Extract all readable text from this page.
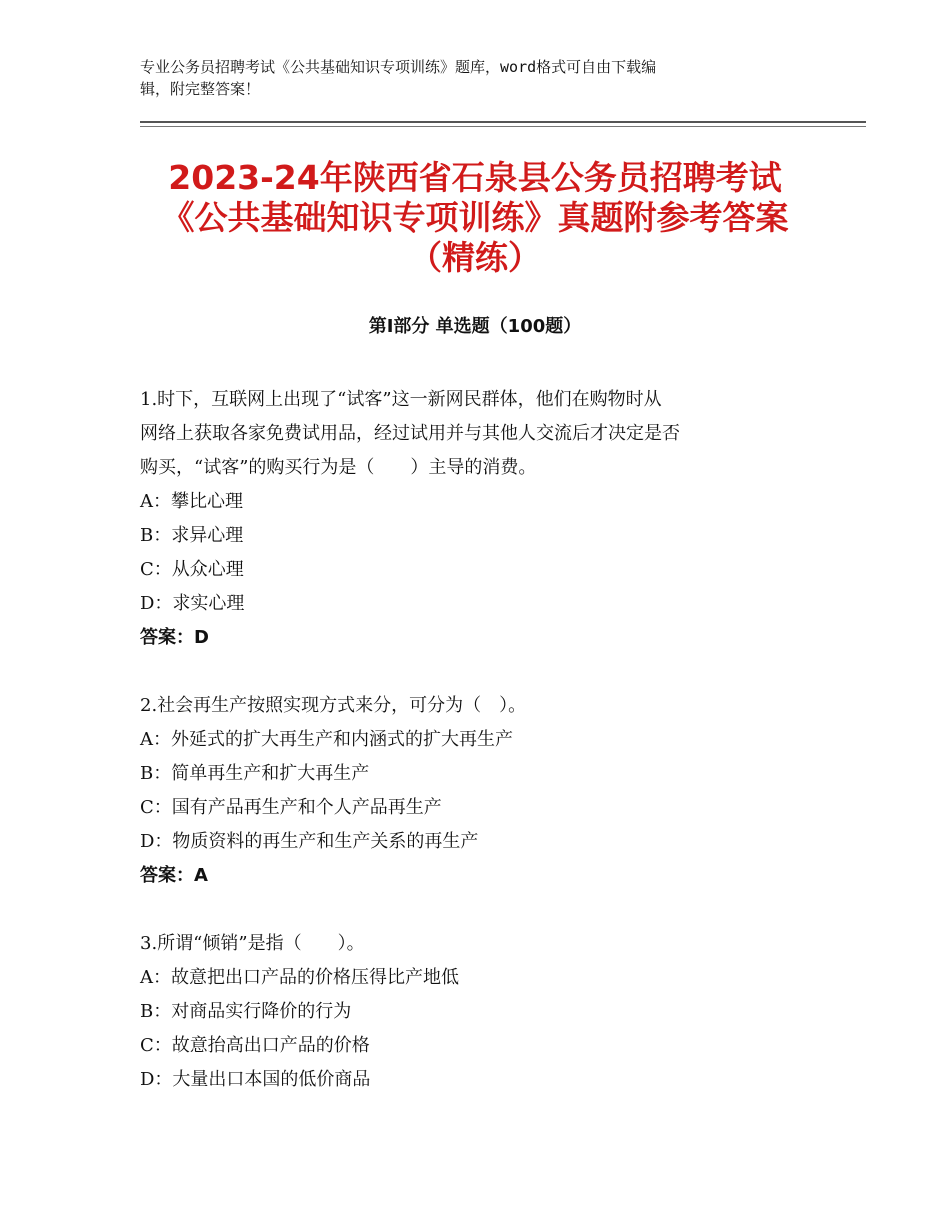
专业公务员招聘考试《公共基础知识专项训练》题库，word格式可自由下载编
辑，附完整答案！
2023-24年陕西省石泉县公务员招聘考试
《公共基础知识专项训练》真题附参考答案
（精练）
第Ⅰ部分 单选题（100题）
1.时下，互联网上出现了“试客”这一新网民群体，他们在购物时从
网络上获取各家免费试用品，经过试用并与其他人交流后才决定是否
购买，“试客”的购买行为是（　　）主导的消费。
A：攀比心理
B：求异心理
C：从众心理
D：求实心理
答案：D
2.社会再生产按照实现方式来分，可分为（　）。
A：外延式的扩大再生产和内涵式的扩大再生产
B：简单再生产和扩大再生产
C：国有产品再生产和个人产品再生产
D：物质资料的再生产和生产关系的再生产
答案：A
3.所谓“倾销”是指（　　）。
A：故意把出口产品的价格压得比产地低
B：对商品实行降价的行为
C：故意抬高出口产品的价格
D：大量出口本国的低价商品
